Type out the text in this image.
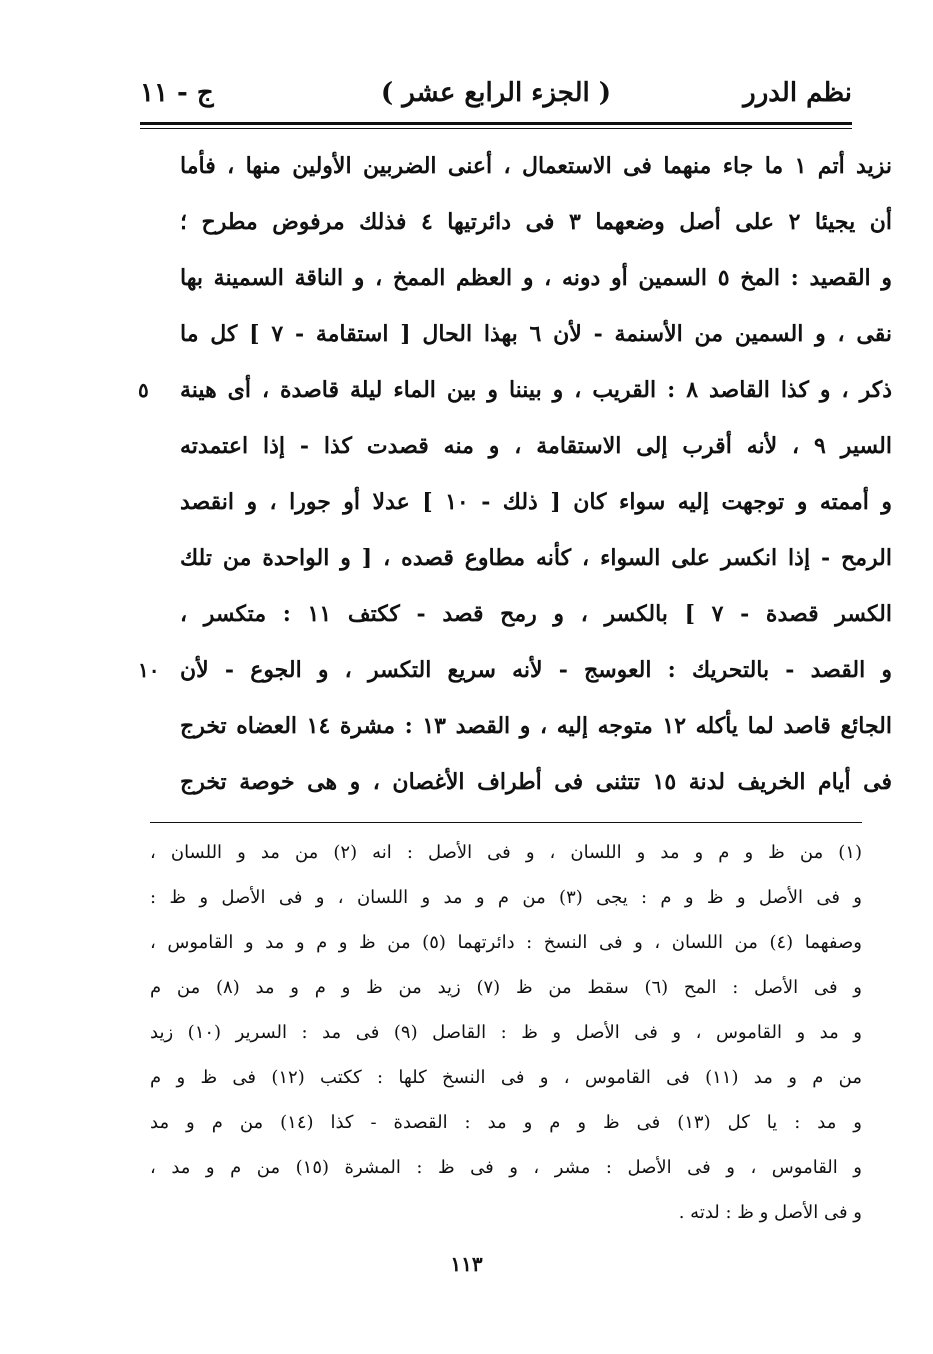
نظم الدرر
( الجزء الرابع عشر )
ج - ١١
نزيد أتم ١ ما جاء منهما فى الاستعمال ، أعنى الضربين الأولين منها ، فأما
أن يجيئا ٢ على أصل وضعهما ٣ فى دائرتيها ٤ فذلك مرفوض مطرح ؛
و القصيد : المخ ٥ السمين أو دونه ، و العظم الممخ ، و الناقة السمينة بها
نقى ، و السمين من الأسنمة - لأن ٦ بهذا الحال [ استقامة - ٧ ] كل ما
ذكر ، و كذا القاصد ٨ : القريب ، و بيننا و بين الماء ليلة قاصدة ، أى هينة
السير ٩ ، لأنه أقرب إلى الاستقامة ، و منه قصدت كذا - إذا اعتمدته
و أممته و توجهت إليه سواء كان [ ذلك - ١٠ ] عدلا أو جورا ، و انقصد
الرمح - إذا انكسر على السواء ، كأنه مطاوع قصده ، [ و الواحدة من تلك
الكسر قصدة - ٧ ] بالكسر ، و رمح قصد - ككتف ١١ : متكسر ،
و القصد - بالتحريك : العوسج - لأنه سريع التكسر ، و الجوع - لأن
الجائع قاصد لما يأكله ١٢ متوجه إليه ، و القصد ١٣ : مشرة ١٤ العضاه تخرج
فى أيام الخريف لدنة ١٥ تتثنى فى أطراف الأغصان ، و هى خوصة تخرج
٥
١٠
(١) من ظ و م و مد و اللسان ، و فى الأصل : انه (٢) من مد و اللسان ،
و فى الأصل و ظ و م : يجى (٣) من م و مد و اللسان ، و فى الأصل و ظ :
وصفهما (٤) من اللسان ، و فى النسخ : دائرتهما (٥) من ظ و م و مد و القاموس ،
و فى الأصل : المح (٦) سقط من ظ (٧) زيد من ظ و م و مد (٨) من م
و مد و القاموس ، و فى الأصل و ظ : القاصل (٩) فى مد : السرير (١٠) زيد
من م و مد (١١) فى القاموس ، و فى النسخ كلها : ككتب (١٢) فى ظ و م
و مد : يا كل (١٣) فى ظ و م و مد : القصدة - كذا (١٤) من م و مد
و القاموس ، و فى الأصل : مشر ، و فى ظ : المشرة (١٥) من م و مد ،
و فى الأصل و ظ : لدته .
١١٣
